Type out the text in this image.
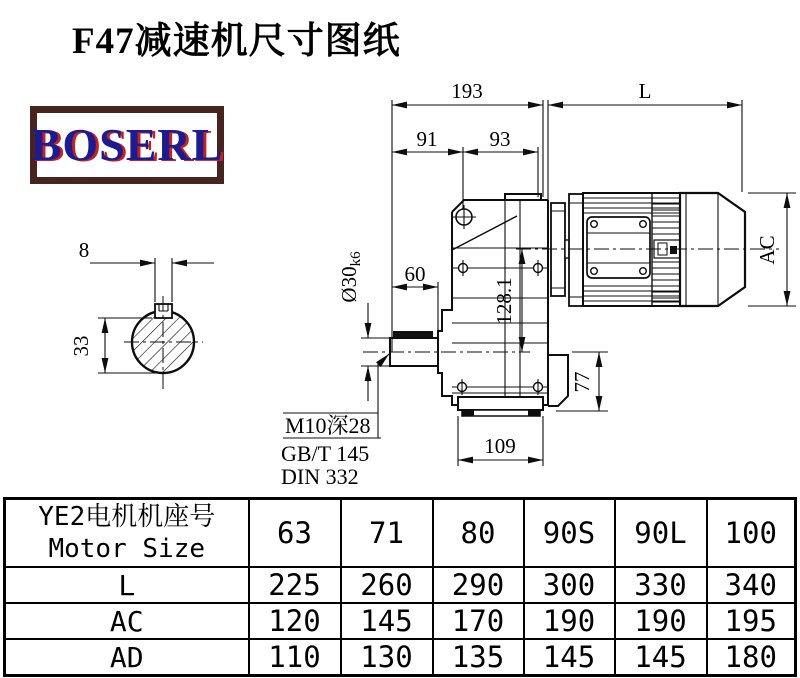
F47减速机尺寸图纸
BOSERL
8
33
193	L
91 93
60
Ø30k6
128.1
77
109
AC
M10深28
GB/T 145
DIN 332
YE2电机机座号
Motor Size	63	71	80	90S	90L	100
L	225	260	290	300	330	340
AC	120	145	170	190	190	195
AD	110	130	135	145	145	180
